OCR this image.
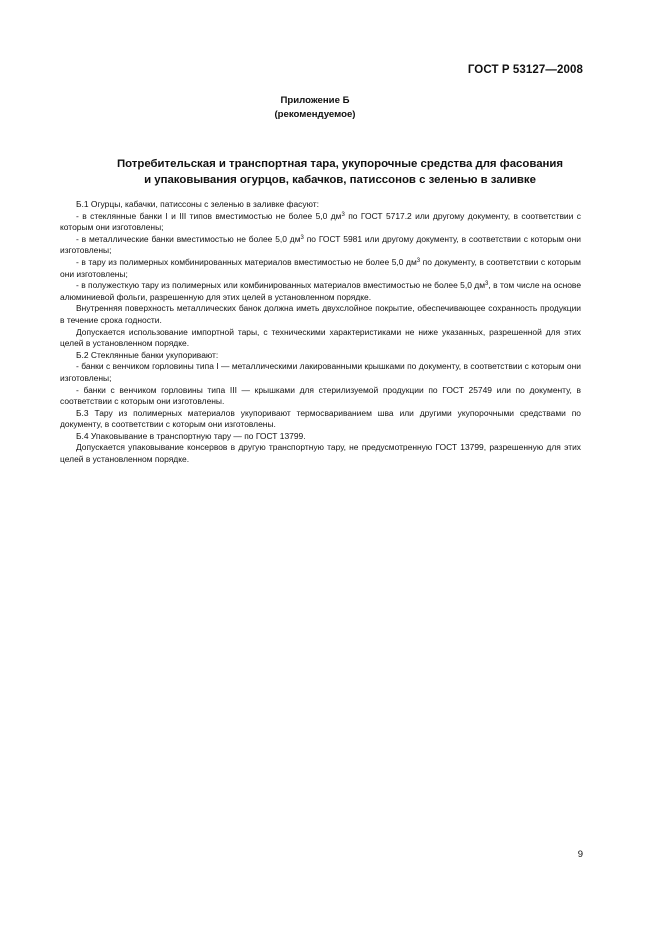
ГОСТ Р 53127—2008
Приложение Б
(рекомендуемое)
Потребительская и транспортная тара, укупорочные средства для фасования
и упаковывания огурцов, кабачков, патиссонов с зеленью в заливке

Б.1 Огурцы, кабачки, патиссоны с зеленью в заливке фасуют:

- в стеклянные банки I и III типов вместимостью не более 5,0 $дм^3$ по ГОСТ 5717.2 или другому документу, в соответствии с которым они изготовлены;

- в металлические банки вместимостью не более 5,0 $дм^3$ по ГОСТ 5981 или другому документу, в соответствии с которым они изготовлены;

- в тару из полимерных комбинированных материалов вместимостью не более 5,0 $дм^3$ по документу, в соответствии с которым они изготовлены;

- в полужесткую тару из полимерных или комбинированных материалов вместимостью не более 5,0 $дм^3$, в том числе на основе алюминиевой фольги, разрешенную для этих целей в установленном порядке.

Внутренняя поверхность металлических банок должна иметь двухслойное покрытие, обеспечивающее сохранность продукции в течение срока годности.

Допускается использование импортной тары, с техническими характеристиками не ниже указанных, разрешенной для этих целей в установленном порядке.

Б.2 Стеклянные банки укупоривают:

- банки с венчиком горловины типа I — металлическими лакированными крышками по документу, в соответствии с которым они изготовлены;

- банки с венчиком горловины типа III — крышками для стерилизуемой продукции по ГОСТ 25749 или по документу, в соответствии с которым они изготовлены.

Б.3 Тару из полимерных материалов укупоривают термосвариванием шва или другими укупорочными средствами по документу, в соответствии с которым они изготовлены.

Б.4 Упаковывание в транспортную тару — по ГОСТ 13799.

Допускается упаковывание консервов в другую транспортную тару, не предусмотренную ГОСТ 13799, разрешенную для этих целей в установленном порядке.

9
